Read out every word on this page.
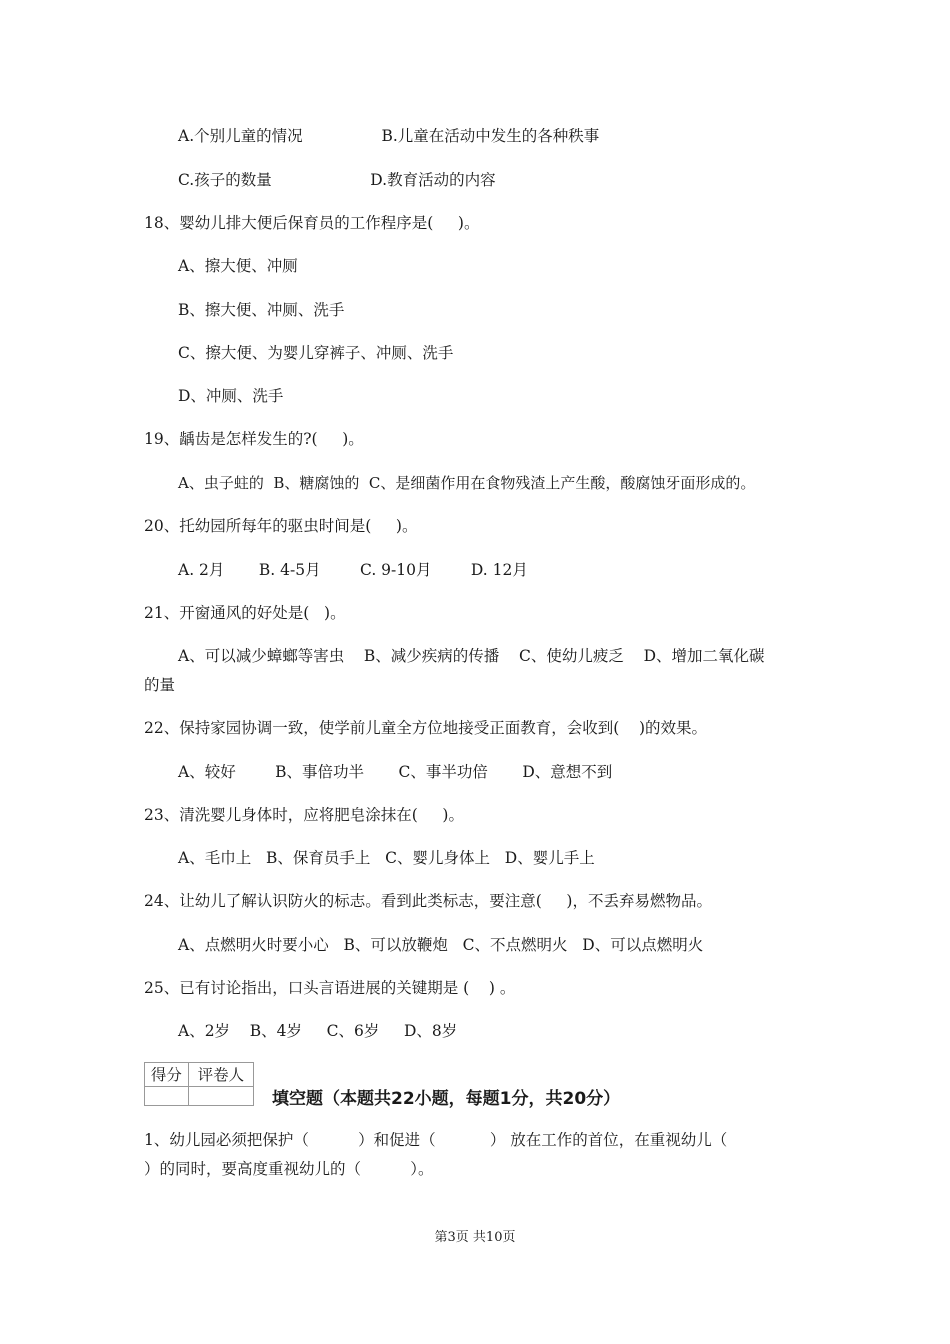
A.个别儿童的情况                B.儿童在活动中发生的各种秩事
C.孩子的数量                    D.教育活动的内容
18、婴幼儿排大便后保育员的工作程序是(     )。
A、擦大便、冲厕
B、擦大便、冲厕、洗手
C、擦大便、为婴儿穿裤子、冲厕、洗手
D、冲厕、洗手
19、龋齿是怎样发生的?(     )。
A、虫子蛀的  B、糖腐蚀的  C、是细菌作用在食物残渣上产生酸，酸腐蚀牙面形成的。
20、托幼园所每年的驱虫时间是(     )。
A. 2月       B. 4-5月        C. 9-10月        D. 12月
21、开窗通风的好处是(   )。
A、可以减少蟑螂等害虫    B、减少疾病的传播    C、使幼儿疲乏    D、增加二氧化碳
的量
22、保持家园协调一致，使学前儿童全方位地接受正面教育，会收到(    )的效果。
A、较好        B、事倍功半       C、事半功倍       D、意想不到
23、清洗婴儿身体时，应将肥皂涂抹在(     )。
A、毛巾上   B、保育员手上   C、婴儿身体上   D、婴儿手上
24、让幼儿了解认识防火的标志。看到此类标志，要注意(     )，不丢弃易燃物品。
A、点燃明火时要小心   B、可以放鞭炮   C、不点燃明火   D、可以点燃明火
25、已有讨论指出，口头言语进展的关键期是 (    ) 。
A、2岁    B、4岁     C、6岁     D、8岁
得分	评卷人

填空题（本题共22小题，每题1分，共20分）
1、幼儿园必须把保护（          ）和促进（           ） 放在工作的首位，在重视幼儿（
）的同时，要高度重视幼儿的（          ）。
第3页 共10页
